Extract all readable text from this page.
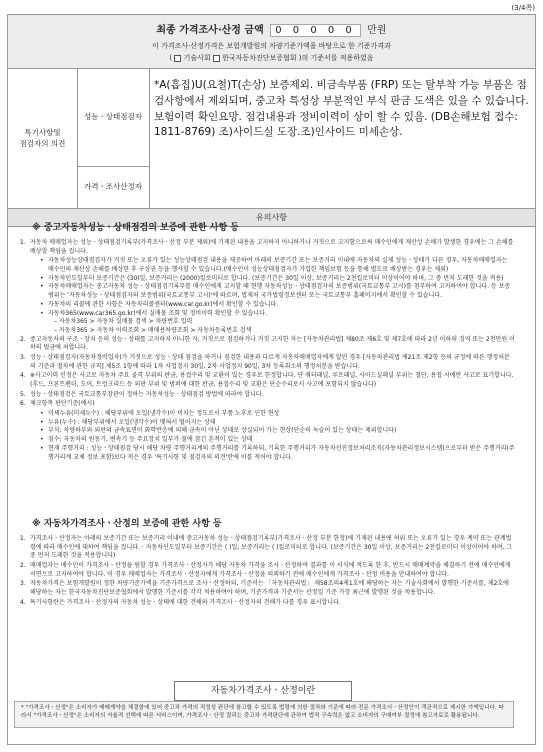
(3/4쪽)
최종 가격조사·산정 금액 0 0 0 0 0 만원
이 가격조사·산정가격은 보험개발원의 차량기준가액을 바탕으로 한 기준가격과
( 기술사회 한국자동차진단보증협회 )의 기준서를 적용하였음
특기사항및
점검자의 의견
성능ㆍ상태점검자
*A(흡집)U(요철)T(손상) 보증제외. 비금속부품 (FRP) 또는 탈부착 가능 부품은 점검사항에서 제외되며, 중고차 특성상 부분적인 부식 판금 도색은 있을 수 있습니다. 보험이력 확인요망. 점검내용과 정비이력이 상이 할 수 있음. (DB손해보험 접수: 1811-8769) 조)사이드실 도장.조)인사이드 미세손상.
가격ㆍ조사산정자
유의사항
※ 중고자동차성능ㆍ상태점검의 보증에 관한 사항 등
1. 자동차 매매업자는 성능ㆍ상태점검기록부(가격조사ㆍ산정 부분 제외)에 기재된 내용을 고지하지 아니하거나 거짓으로 고지함으로써 매수인에게 재산상 손해가 발생한 경우에는 그 손해를 배상할 책임을 집니다.
• 자동차성능상태점검자가 거짓 또는 오류가 있는 성능상태점검 내용을 제공하여 아래의 보증기간 또는 보증거리 이내에 자동차의 실제 성능ㆍ상태가 다른 경우, 자동차매매업자는 매수인의 재산상 손해를 배상한 후 구상권 등을 행사할 수 있습니다.(매수인이 성능상태점검자가 가입한 책임보험 등을 통해 별도로 배상받는 경우는 제외)
• 자동차인도일부터 보증기간은 (30)일, 보증거리는 (2000)킬로미터로 합니다. (보증기간은 30일 이상, 보증거리는 2천킬로미터 이상이어야 하며, 그 중 먼저 도래한 것을 적용)
• 자동차매매업자는 중고자동차 성능ㆍ상태점검기록부를 매수인에게 고지할 때 현행 자동차성능ㆍ상태점검자의 보증범위(국토교통부 고시)를 첨부하여 고지하여야 합니다. 등 보증범위는 '자동차성능ㆍ상태점검자의 보증범위(국토교통부 고시)'에 따르며, 법제처 국가법령정보센터 또는 국토교통부 홈페이지에서 확인할 수 있습니다.
• 자동차의 리콜에 관한 사항은 자동차리콜센터(www.car.go.kr)에서 확인할 수 있습니다.
• 자동차365(www.car365.go.kr)에서 실매물 조회 및 정비이력 확인할 수 있습니다.
– 자동차365 > 자동차 실매물 검색 > 차량번호 입력
– 자동차365 > 자동차 이력조회 > 매매용차량조회 > 자동차등록번호 검색
2. 중고자동차의 구조ㆍ장치 등의 성능ㆍ상태를 고지하지 아니한 자, 거짓으로 점검하거나 거짓 고지한 자는 [자동차관리법] 제80조 제6호 및 제7호에 따라 2년 이하의 징역 또는 2천만원 이하의 벌금에 처합니다.
3. 성능ㆍ상태점검자(자동차정비업자)가 거짓으로 성능ㆍ상태 점검을 하거나 점검한 내용과 다르게 자동차매매업자에게 알린 경우 [자동차관리법 제21조 제2항 등의 규정에 따른 행정처분의 기준과 절차에 관한 규칙] 제5조 1항에 따라 1차 사업정지 30일, 2차 사업정지 90일, 3차 등록취소의 행정처분을 받습니다.
4. ※사고이력 인정은 사고로 자동차 주요 골격 부위의 판금, 용접수리 및 교환이 있는 경우로 한정합니다. 단 쿼터패널, 루프패널, 사이드실패널 부위는 절단, 용접 시에만 사고로 표기합니다. (후드, 프론트펜더, 도어, 트렁크리드 등 외판 부위 및 범퍼에 대한 판금, 용접수리 및 교환은 단순수리로서 사고에 포함되지 않습니다)
5. 성능ㆍ상태점검은 국토교통부장관이 정하는 자동차성능ㆍ상태점검 방법에 따라야 합니다.
6. 체크항목 판단기준(예시)
• 미세누유(미세누수) : 해당부위에 오일(냉각수)이 비치는 정도로서 부품 노후로 인한 현상
• 누유(누수) : 해당부위에서 오일(냉각수)이 맺혀서 떨어지는 상태
• 부식: 차량하부와 외판의 금속표면이 화학반응에 의해 금속이 아닌 상태로 상실되어 가는 현상(단순히 녹슬어 있는 상태는 제외합니다)
• 침수: 자동차의 원동기, 변속기 등 주요장치 일부가 물에 잠긴 흔적이 있는 상태
• 현재 주행거리 : 성능ㆍ상태점검 당시 해당 차량 주행거리계의 주행거리를 기록하되, 기록한 주행거리가 자동차선진정보처리조직(자동차관리정보시스템)으로부터 받은 주행거리(주행거리계 교체 정보 포함)보다 적은 경우 '특기사항 및 점검자의 의견'란에 이를 적어야 합니다.
※ 자동차가격조사ㆍ산정의 보증에 관한 사항 등
1. 가격조사ㆍ산정자는 아래의 보증기간 또는 보증거리 이내에 중고자동차 성능ㆍ상태점검기록부(가격조사ㆍ산정 부분 한정)에 기재된 내용에 허위 또는 오류가 있는 경우 계약 또는 관계법령에 따라 매수인에 대하여 책임을 집니다. · 자동차인도일부터 보증기간은 ( )일, 보증거리는 ( )킬로미터로 합니다. (보증기간은 30일 이상, 보증거리는 2천킬로미터 이상이어야 하며, 그 중 먼저 도래한 것을 적용합니다)
2. 매매업자는 매수인이 가격조사ㆍ산정을 원할 경우 가격조사ㆍ산정자가 해당 자동차 가격을 조사ㆍ산정하여 결과를 이 서식에 적도록 한 후, 반드시 매매계약을 체결하기 전에 매수인에게 서면으로 고지하여야 합니다. 이 경우 매매업자는 가격조사ㆍ산정자에게 가격조사ㆍ산정을 의뢰하기 전에 매수인에게 가격조사ㆍ산정 비용을 안내하여야 합니다.
3. 자동차가격은 보험개발원이 정한 차량기준가액을 기준가격으로 조사ㆍ산정하되, 기준서는 「자동차관리법」 제58조의4제1호에 해당하는 자는 기술사회에서 발행한 기준서를, 제2호에 해당하는 자는 한국자동차진단보증협회에서 발행한 기준서를 각각 적용하여야 하며, 기준가격과 기준서는 산정일 기준 가장 최근에 발행된 것을 적용합니다.
4. 특기사항란은 가격조사ㆍ산정자의 자동차 성능ㆍ상태에 대한 견해와 가격조사ㆍ산정자의 견해가 다를 경우 표시합니다.
자동차가격조사ㆍ산정이란
* "가격조사ㆍ산정"은 소비자가 매매계약을 체결함에 있어 중고차 가격의 적정성 판단에 참고할 수 있도록 법령에 의한 절차와 기준에 따라 전문 가격조사ㆍ산정인이 객관적으로 제시한 가액입니다. 따라서 "가격조사ㆍ산정"은 소비자의 자율적 선택에 따른 서비스이며, 가격조사ㆍ산정 결과는 중고차 가격판단에 관하여 법적 구속력은 없고 소비자의 구매여부 결정에 참고자료로 활용됩니다.
